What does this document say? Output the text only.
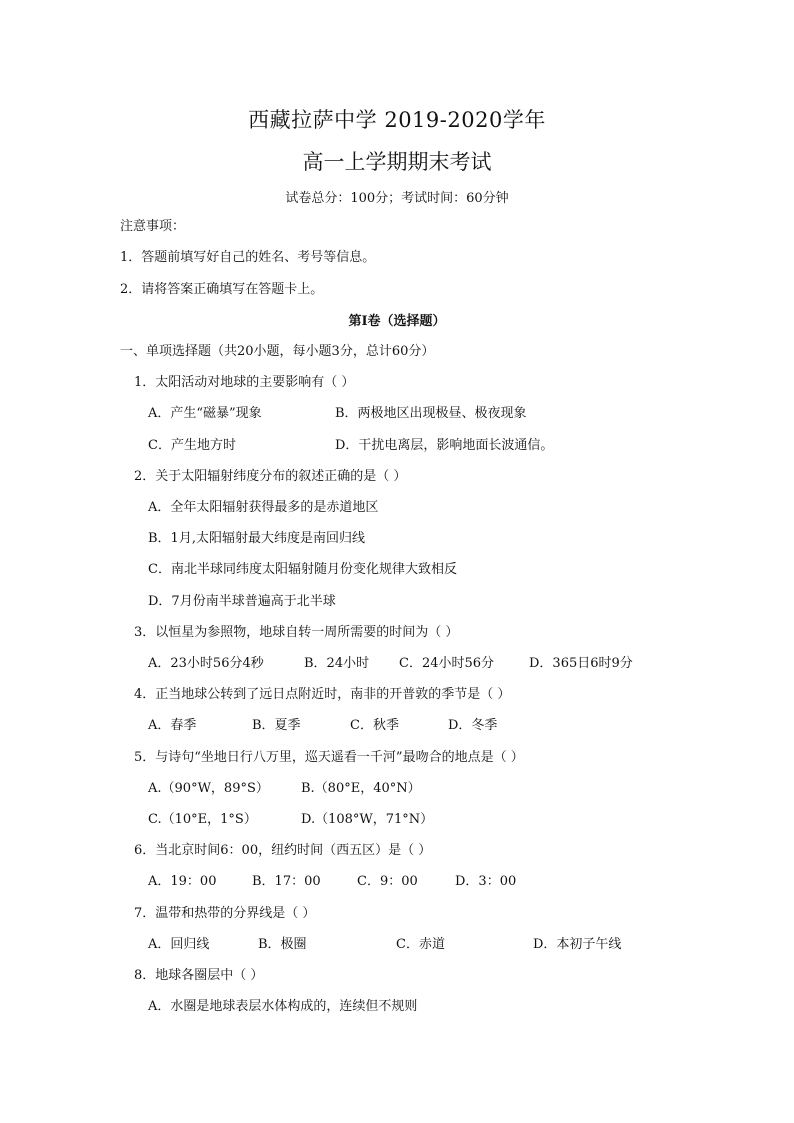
西藏拉萨中学 2019-2020学年
高一上学期期末考试
试卷总分：100分；考试时间：60分钟
注意事项：
1．答题前填写好自己的姓名、考号等信息。
2．请将答案正确填写在答题卡上。
第I卷（选择题）
一、单项选择题（共20小题，每小题3分，总计60分）
1．太阳活动对地球的主要影响有（ ）
A．产生“磁暴”现象	B．两极地区出现极昼、极夜现象
C．产生地方时	D．干扰电离层，影响地面长波通信。
2．关于太阳辐射纬度分布的叙述正确的是（ ）
A．全年太阳辐射获得最多的是赤道地区
B．1月,太阳辐射最大纬度是南回归线
C．南北半球同纬度太阳辐射随月份变化规律大致相反
D．7月份南半球普遍高于北半球
3．以恒星为参照物，地球自转一周所需要的时间为（ ）
A．23小时56分4秒	B．24小时 C．24小时56分	D．365日6时9分
4．正当地球公转到了远日点附近时，南非的开普敦的季节是（ ）
A．春季	B．夏季	C．秋季	D．冬季
5．与诗句“坐地日行八万里，巡天遥看一千河”最吻合的地点是（ ）
A.（90°W，89°S） B.（80°E，40°N）
C.（10°E，1°S）	D.（108°W，71°N）
6．当北京时间6：00，纽约时间（西五区）是（ ）
A．19：00	B．17：00	C．9：00	D．3：00
7．温带和热带的分界线是（ ）
A．回归线	B．极圈	C．赤道	D．本初子午线
8．地球各圈层中（ ）
A．水圈是地球表层水体构成的，连续但不规则
